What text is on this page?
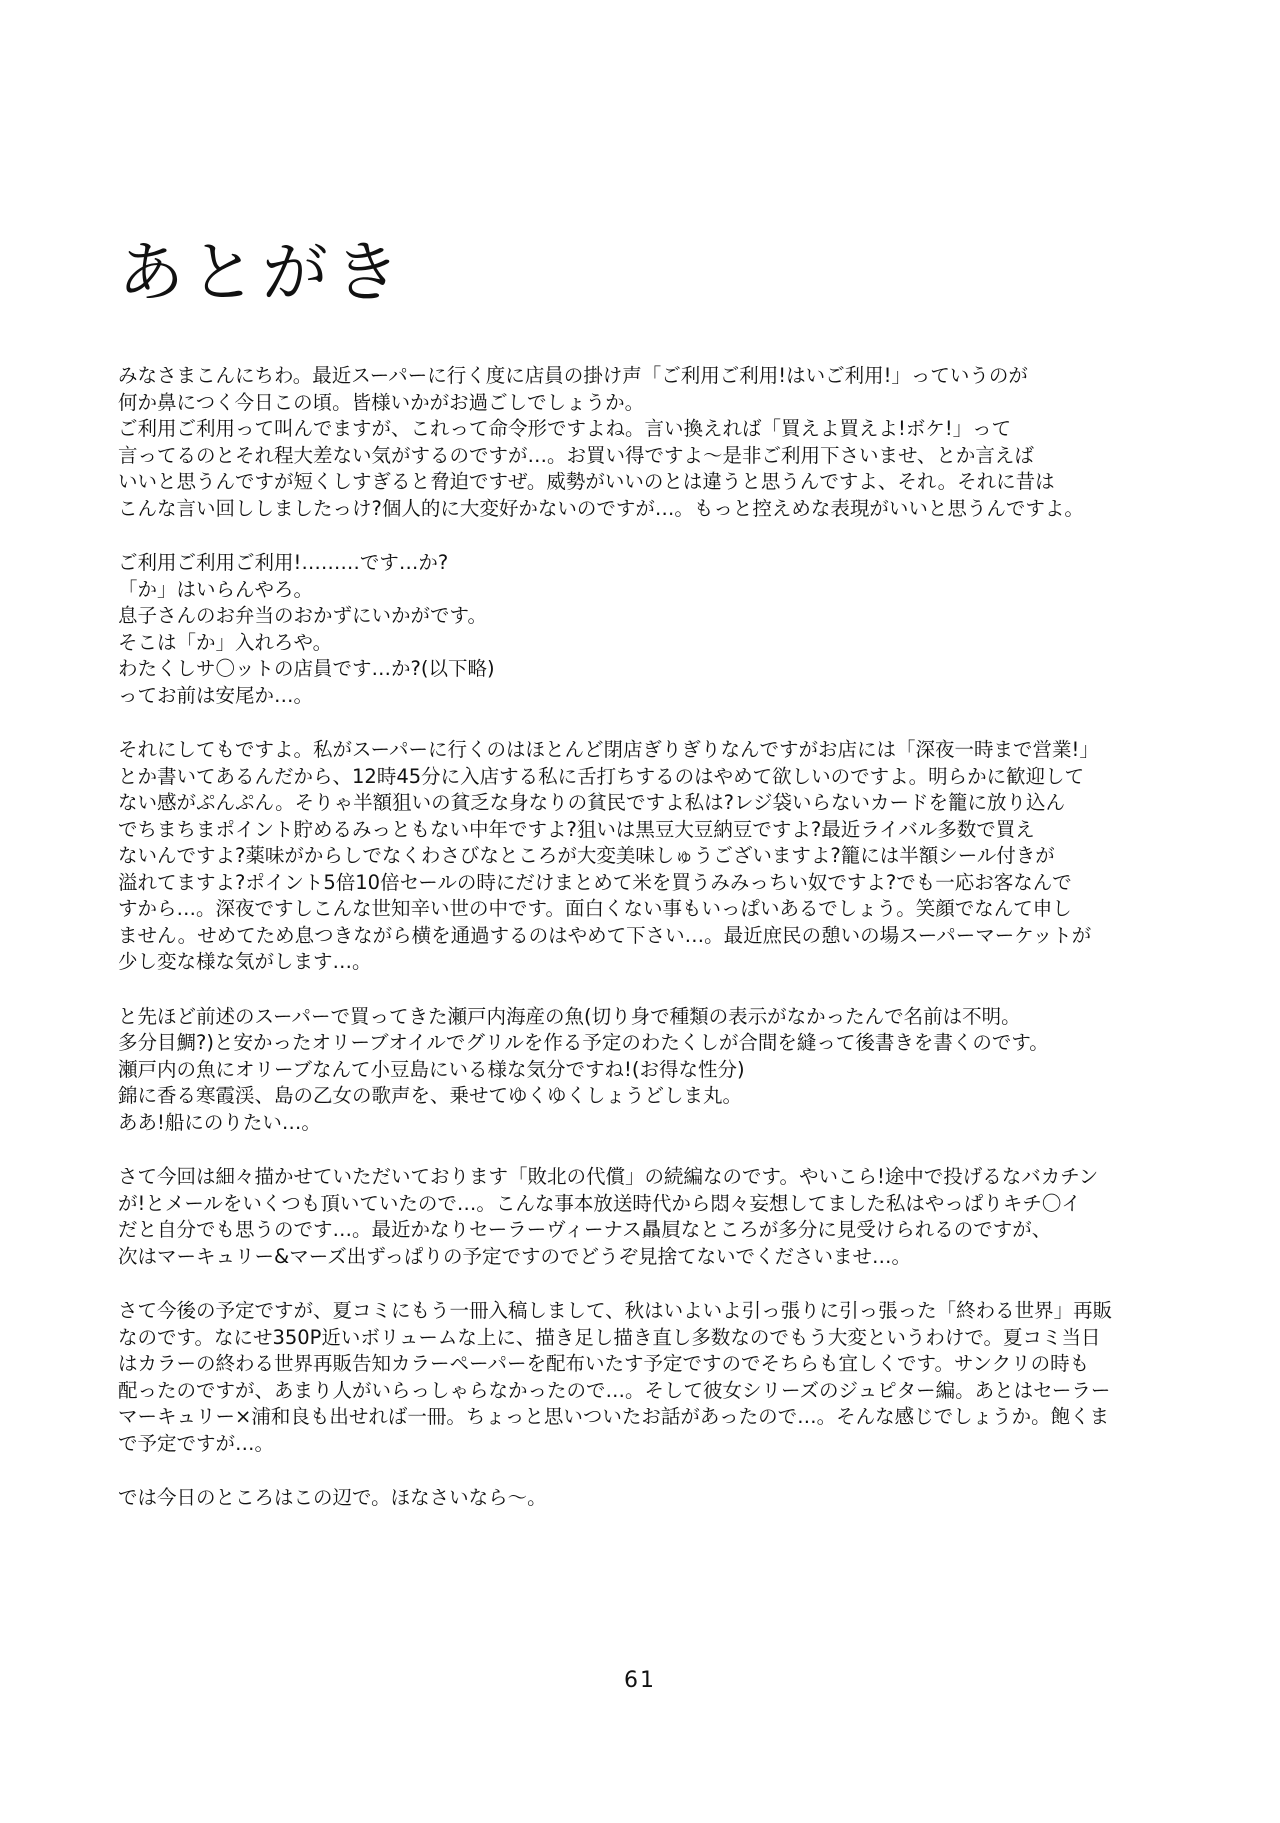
あとがき
みなさまこんにちわ。最近スーパーに行く度に店員の掛け声「ご利用ご利用!はいご利用!」っていうのが
何か鼻につく今日この頃。皆様いかがお過ごしでしょうか。
ご利用ご利用って叫んでますが、これって命令形ですよね。言い換えれば「買えよ買えよ!ボケ!」って
言ってるのとそれ程大差ない気がするのですが…。お買い得ですよ～是非ご利用下さいませ、とか言えば
いいと思うんですが短くしすぎると脅迫ですぜ。威勢がいいのとは違うと思うんですよ、それ。それに昔は
こんな言い回ししましたっけ?個人的に大変好かないのですが…。もっと控えめな表現がいいと思うんですよ。
ご利用ご利用ご利用!………です…か?
「か」はいらんやろ。
息子さんのお弁当のおかずにいかがです。
そこは「か」入れろや。
わたくしサ〇ットの店員です…か?(以下略)
ってお前は安尾か…。
それにしてもですよ。私がスーパーに行くのはほとんど閉店ぎりぎりなんですがお店には「深夜一時まで営業!」
とか書いてあるんだから、12時45分に入店する私に舌打ちするのはやめて欲しいのですよ。明らかに歓迎して
ない感がぷんぷん。そりゃ半額狙いの貧乏な身なりの貧民ですよ私は?レジ袋いらないカードを籠に放り込ん
でちまちまポイント貯めるみっともない中年ですよ?狙いは黒豆大豆納豆ですよ?最近ライバル多数で買え
ないんですよ?薬味がからしでなくわさびなところが大変美味しゅうございますよ?籠には半額シール付きが
溢れてますよ?ポイント5倍10倍セールの時にだけまとめて米を買うみみっちい奴ですよ?でも一応お客なんで
すから…。深夜ですしこんな世知辛い世の中です。面白くない事もいっぱいあるでしょう。笑顔でなんて申し
ません。せめてため息つきながら横を通過するのはやめて下さい…。最近庶民の憩いの場スーパーマーケットが
少し変な様な気がします…。
と先ほど前述のスーパーで買ってきた瀬戸内海産の魚(切り身で種類の表示がなかったんで名前は不明。
多分目鯛?)と安かったオリーブオイルでグリルを作る予定のわたくしが合間を縫って後書きを書くのです。
瀬戸内の魚にオリーブなんて小豆島にいる様な気分ですね!(お得な性分)
錦に香る寒霞渓、島の乙女の歌声を、乗せてゆくゆくしょうどしま丸。
ああ!船にのりたい…。
さて今回は細々描かせていただいております「敗北の代償」の続編なのです。やいこら!途中で投げるなバカチン
が!とメールをいくつも頂いていたので…。こんな事本放送時代から悶々妄想してました私はやっぱりキチ〇イ
だと自分でも思うのです…。最近かなりセーラーヴィーナス贔屓なところが多分に見受けられるのですが、
次はマーキュリー&マーズ出ずっぱりの予定ですのでどうぞ見捨てないでくださいませ…。
さて今後の予定ですが、夏コミにもう一冊入稿しまして、秋はいよいよ引っ張りに引っ張った「終わる世界」再販
なのです。なにせ350P近いボリュームな上に、描き足し描き直し多数なのでもう大変というわけで。夏コミ当日
はカラーの終わる世界再販告知カラーペーパーを配布いたす予定ですのでそちらも宜しくです。サンクリの時も
配ったのですが、あまり人がいらっしゃらなかったので…。そして彼女シリーズのジュピター編。あとはセーラー
マーキュリー×浦和良も出せれば一冊。ちょっと思いついたお話があったので…。そんな感じでしょうか。飽くま
で予定ですが…。
では今日のところはこの辺で。ほなさいなら～。
61
